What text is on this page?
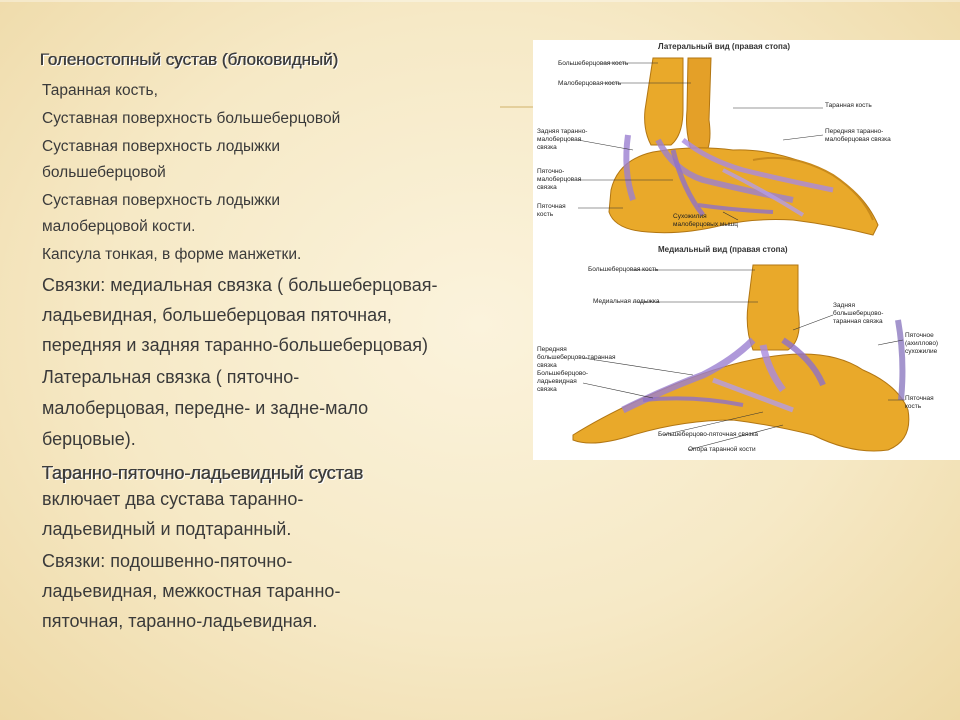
Голеностопный сустав (блоковидный)

Таранная кость,

Суставная поверхность большеберцовой

Суставная поверхность лодыжки большеберцовой

Суставная поверхность лодыжки малоберцовой кости.

Капсула тонкая, в форме манжетки.

Связки: медиальная связка ( большеберцовая-ладьевидная, большеберцовая пяточная, передняя и задняя таранно-большеберцовая)

Латеральная связка ( пяточно-малоберцовая, передне- и задне-мало берцовые).

Таранно-пяточно-ладьевидный сустав

включает два сустава таранно-ладьевидный и подтаранный.

Связки: подошвенно-пяточно-ладьевидная, межкостная таранно-пяточная, таранно-ладьевидная.

Латеральный вид (правая стопа)
Большеберцовая кость
Малоберцовая кость
Таранная кость
Передняя таранно-малоберцовая связка
Задняя таранно-малоберцовая связка
Пяточно-малоберцовая связка
Пяточная кость	Сухожилия малоберцовых мышц
Медиальный вид (правая стопа)
Большеберцовая кость
Медиальная лодыжка
Задняя большеберцово-таранная связка
Пяточное (ахиллово) сухожилие
Передняя большеберцово-таранная связка
Большеберцово-ладьевидная связка
Пяточная кость
Большеберцово-пяточная связка
Опора таранной кости
